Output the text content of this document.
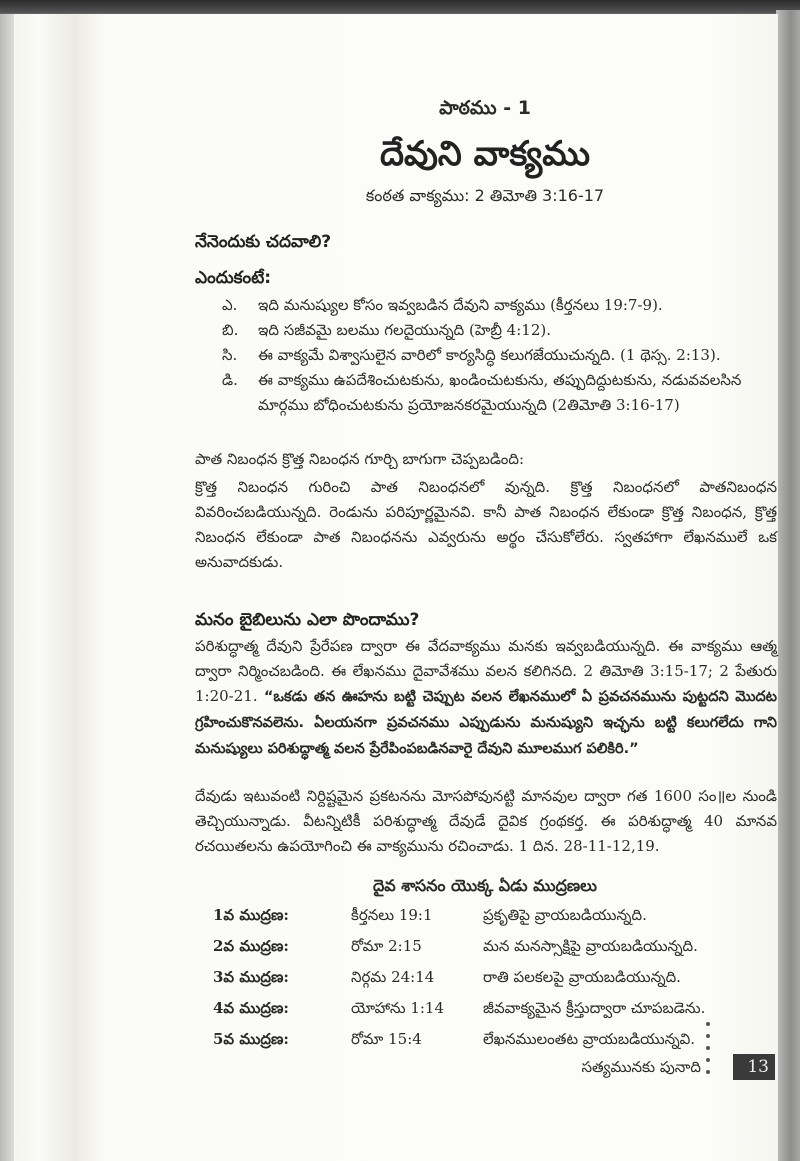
పాఠము - 1
దేవుని వాక్యము
కంఠత వాక్యము: 2 తిమోతి 3:16-17
నేనెందుకు చదవాలి?
ఎందుకంటే:
ఎ.	ఇది మనుష్యుల కోసం ఇవ్వబడిన దేవుని వాక్యము (కీర్తనలు 19:7-9).
బి.	ఇది సజీవమై బలము గలదైయున్నది (హెబ్రీ 4:12).
సి.	ఈ వాక్యమే విశ్వాసులైన వారిలో కార్యసిద్ధి కలుగజేయుచున్నది. (1 థెస్స. 2:13).
డి.	ఈ వాక్యము ఉపదేశించుటకును, ఖండించుటకును, తప్పుదిద్దుటకును, నడువవలసిన
మార్గము బోధించుటకును ప్రయోజనకరమైయున్నది (2తిమోతి 3:16-17)
పాత నిబంధన క్రొత్త నిబంధన గూర్చి బాగుగా చెప్పబడింది:
క్రొత్త నిబంధన గురించి పాత నిబంధనలో వున్నది. క్రొత్త నిబంధనలో పాతనిబంధన వివరించబడియున్నది. రెండును పరిపూర్ణమైనవి. కానీ పాత నిబంధన లేకుండా క్రొత్త నిబంధన, క్రొత్త నిబంధన లేకుండా పాత నిబంధనను ఎవ్వరును అర్థం చేసుకోలేరు. స్వతహాగా లేఖనములే ఒక అనువాదకుడు.
మనం బైబిలును ఎలా పొందాము?
పరిశుద్ధాత్మ దేవుని ప్రేరేపణ ద్వారా ఈ వేదవాక్యము మనకు ఇవ్వబడియున్నది. ఈ వాక్యము ఆత్మ ద్వారా నిర్మించబడింది. ఈ లేఖనము దైవావేశము వలన కలిగినది. 2 తిమోతి 3:15-17; 2 పేతురు 1:20-21. “ఒకడు తన ఊహను బట్టి చెప్పుట వలన లేఖనములో ఏ ప్రవచనమును పుట్టదని మొదట గ్రహించుకొనవలెను. ఏలయనగా ప్రవచనము ఎప్పుడును మనుష్యుని ఇచ్ఛను బట్టి కలుగలేదు గాని మనుష్యులు పరిశుద్ధాత్మ వలన ప్రేరేపింపబడినవారై దేవుని మూలముగ పలికిరి.”
దేవుడు ఇటువంటి నిర్దిష్టమైన ప్రకటనను మోసపోవునట్టి మానవుల ద్వారా గత 1600 సం॥ల నుండి తెచ్చియున్నాడు. వీటన్నిటికీ పరిశుద్ధాత్మ దేవుడే దైవిక గ్రంథకర్త. ఈ పరిశుద్ధాత్మ 40 మానవ రచయితలను ఉపయోగించి ఈ వాక్యమును రచించాడు. 1 దిన. 28-11-12,19.
దైవ శాసనం యొక్క ఏడు ముద్రణలు
1వ ముద్రణ:	కీర్తనలు 19:1	ప్రకృతిపై వ్రాయబడియున్నది.
2వ ముద్రణ:	రోమా 2:15	మన మనస్సాక్షిపై వ్రాయబడియున్నది.
3వ ముద్రణ:	నిర్గమ 24:14	రాతి పలకలపై వ్రాయబడియున్నది.
4వ ముద్రణ:	యోహాను 1:14	జీవవాక్యమైన క్రీస్తుద్వారా చూపబడెను.
5వ ముద్రణ:	రోమా 15:4	లేఖనములంతట వ్రాయబడియున్నవి.
సత్యమునకు పునాది	13
